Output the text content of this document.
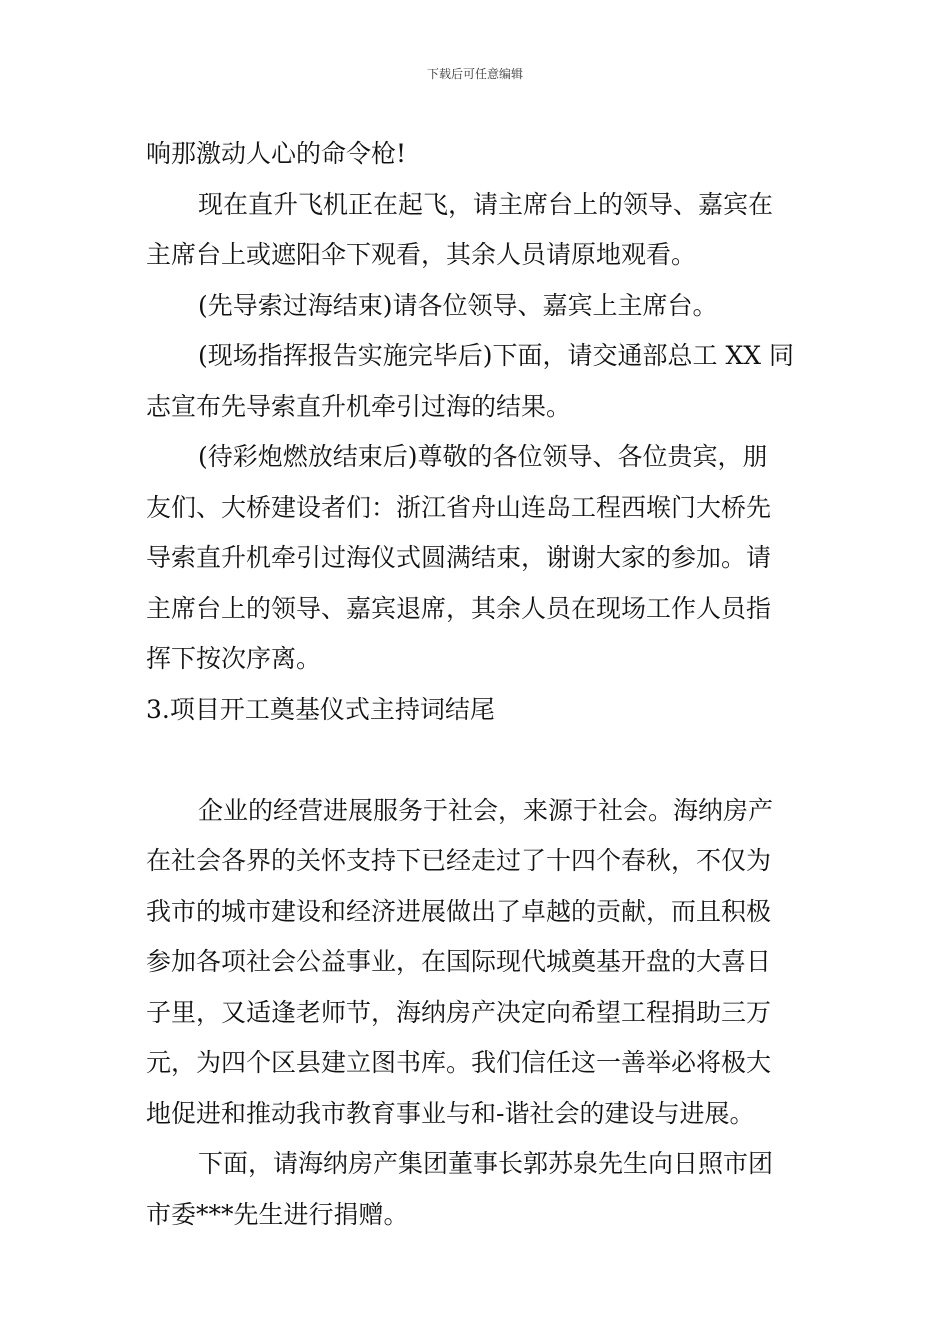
下载后可任意编辑
响那激动人心的命令枪!
现在直升飞机正在起飞，请主席台上的领导、嘉宾在
主席台上或遮阳伞下观看，其余人员请原地观看。
(先导索过海结束)请各位领导、嘉宾上主席台。
(现场指挥报告实施完毕后)下面，请交通部总工 XX 同
志宣布先导索直升机牵引过海的结果。
(待彩炮燃放结束后)尊敬的各位领导、各位贵宾，朋
友们、大桥建设者们：浙江省舟山连岛工程西堠门大桥先
导索直升机牵引过海仪式圆满结束，谢谢大家的参加。请
主席台上的领导、嘉宾退席，其余人员在现场工作人员指
挥下按次序离。
3.项目开工奠基仪式主持词结尾
企业的经营进展服务于社会，来源于社会。海纳房产
在社会各界的关怀支持下已经走过了十四个春秋，不仅为
我市的城市建设和经济进展做出了卓越的贡献，而且积极
参加各项社会公益事业，在国际现代城奠基开盘的大喜日
子里，又适逢老师节，海纳房产决定向希望工程捐助三万
元，为四个区县建立图书库。我们信任这一善举必将极大
地促进和推动我市教育事业与和-谐社会的建设与进展。
下面，请海纳房产集团董事长郭苏泉先生向日照市团
市委***先生进行捐赠。
